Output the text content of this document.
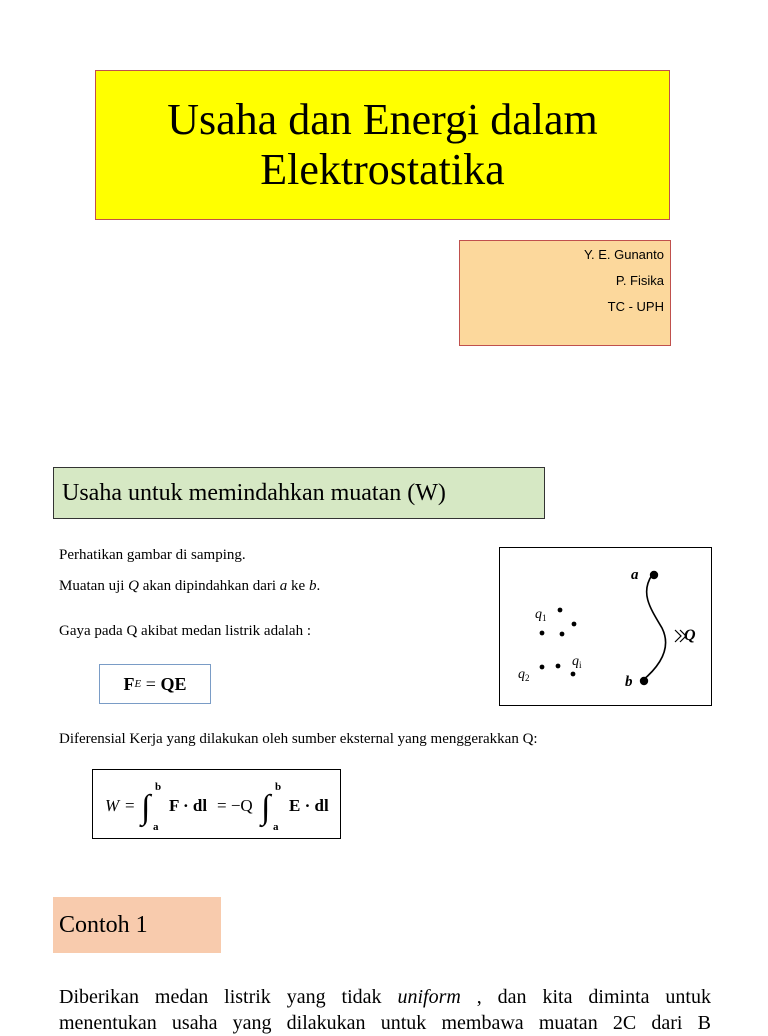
Usaha dan Energi dalam
Elektrostatika
Y. E. Gunanto
P. Fisika
TC - UPH
Usaha untuk memindahkan muatan (W)
Perhatikan gambar di samping.
Muatan uji Q akan dipindahkan dari a ke b.
Gaya pada Q akibat medan listrik adalah :
a
b
Q
$q_1$
$q_2$
$q_i$
F E = QE
Diferensial Kerja yang dilakukan oleh sumber eksternal yang menggerakkan Q:
W = ∫
b
a
F · dl = −Q ∫
b
a
E · dl
Contoh 1
Diberikan medan listrik yang tidak uniform , dan kita diminta untuk
menentukan usaha yang dilakukan untuk membawa muatan 2C dari B
